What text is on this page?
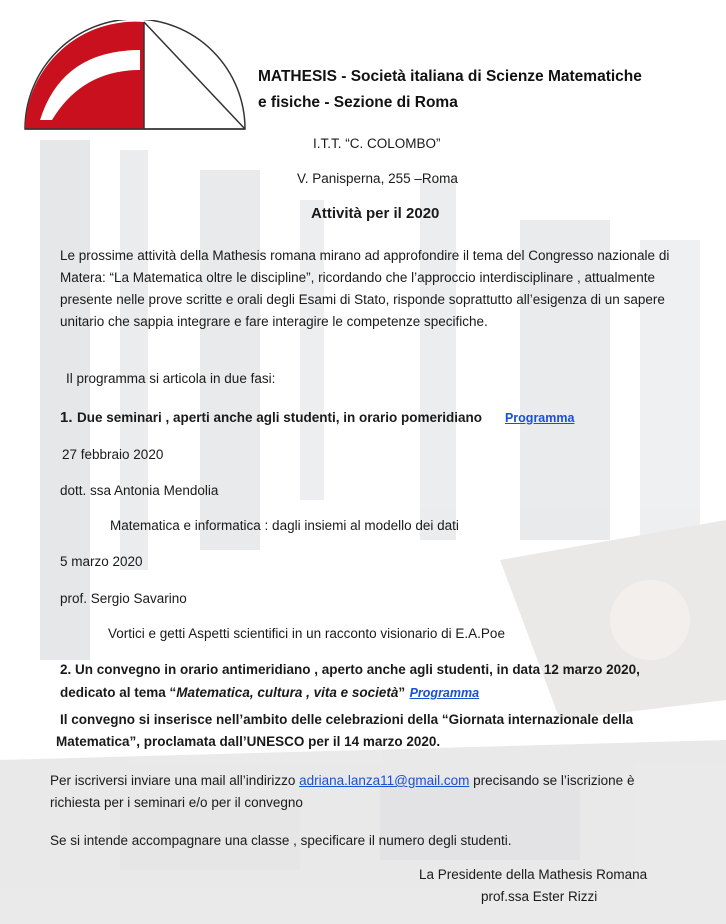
MATHESIS - Società italiana di Scienze Matematiche
e fisiche - Sezione di Roma
I.T.T. “C. COLOMBO”
V. Panisperna, 255 –Roma
Attività per il 2020
Le prossime attività della Mathesis romana mirano ad approfondire il tema del Congresso nazionale di Matera: “La Matematica oltre le discipline”, ricordando che l’approccio interdisciplinare , attualmente presente nelle prove scritte e orali degli Esami di Stato, risponde soprattutto all’esigenza di un sapere unitario che sappia integrare e fare interagire le competenze specifiche.
Il programma si articola in due fasi:
1. Due seminari , aperti anche agli studenti, in orario pomeridiano Programma
27 febbraio 2020
dott. ssa Antonia Mendolia
Matematica e informatica : dagli insiemi al modello dei dati
5 marzo 2020
prof. Sergio Savarino
Vortici e getti Aspetti scientifici in un racconto visionario di E.A.Poe
2. Un convegno in orario antimeridiano , aperto anche agli studenti, in data 12 marzo 2020,
dedicato al tema “Matematica, cultura , vita e società” Programma
Il convegno si inserisce nell’ambito delle celebrazioni della “Giornata internazionale della
Matematica”, proclamata dall’UNESCO per il 14 marzo 2020.
Per iscriversi inviare una mail all’indirizzo adriana.lanza11@gmail.com precisando se l’iscrizione è
richiesta per i seminari e/o per il convegno
Se si intende accompagnare una classe , specificare il numero degli studenti.
La Presidente della Mathesis Romana
prof.ssa Ester Rizzi
